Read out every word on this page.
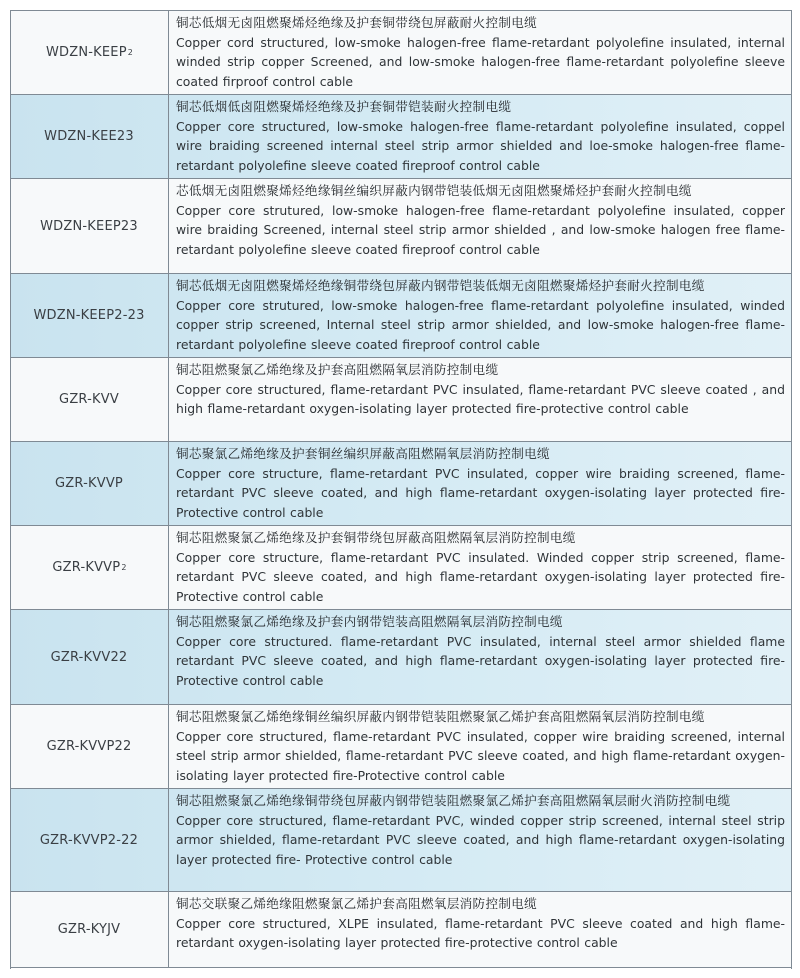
WDZN-KEEP 2
铜芯低烟无卤阻燃聚烯烃绝缘及护套铜带绕包屏蔽耐火控制电缆
Copper cord structured, low-smoke halogen-free flame-retardant polyolefine insulated, internal winded strip copper Screened, and low-smoke halogen-free flame-retardant polyolefine sleeve coated firproof control cable
WDZN-KEE23
铜芯低烟低卤阻燃聚烯烃绝缘及护套铜带铠装耐火控制电缆
Copper core structured, low-smoke halogen-free flame-retardant polyolefine insulated, coppel wire braiding screened internal steel strip armor shielded and loe-smoke halogen-free flame-retardant polyolefine sleeve coated fireproof control cable
WDZN-KEEP23
芯低烟无卤阻燃聚烯烃绝缘铜丝编织屏蔽内钢带铠装低烟无卤阻燃聚烯烃护套耐火控制电缆
Copper core strutured, low-smoke halogen-free flame-retardant polyolefine insulated, copper wire braiding Screened, internal steel strip armor shielded , and low-smoke halogen free flame-retardant polyolefine sleeve coated fireproof control cable
WDZN-KEEP2-23
铜芯低烟无卤阻燃聚烯烃绝缘铜带绕包屏蔽内钢带铠装低烟无卤阻燃聚烯烃护套耐火控制电缆
Copper core strutured, low-smoke halogen-free flame-retardant polyolefine insulated, winded copper strip screened, Internal steel strip armor shielded, and low-smoke halogen-free flame-retardant polyolefine sleeve coated fireproof control cable
GZR-KVV
铜芯阻燃聚氯乙烯绝缘及护套高阻燃隔氧层消防控制电缆
Copper core structured, flame-retardant PVC insulated, flame-retardant PVC sleeve coated , and high flame-retardant oxygen-isolating layer protected fire-protective control cable
GZR-KVVP
铜芯聚氯乙烯绝缘及护套铜丝编织屏蔽高阻燃隔氧层消防控制电缆
Copper core structure, flame-retardant PVC insulated, copper wire braiding screened, flame-retardant PVC sleeve coated, and high flame-retardant oxygen-isolating layer protected fire-Protective control cable
GZR-KVVP 2
铜芯阻燃聚氯乙烯绝缘及护套铜带绕包屏蔽高阻燃隔氧层消防控制电缆
Copper core structure, flame-retardant PVC insulated. Winded copper strip screened, flame-retardant PVC sleeve coated, and high flame-retardant oxygen-isolating layer protected fire-Protective control cable
GZR-KVV22
铜芯阻燃聚氯乙烯绝缘及护套内钢带铠装高阻燃隔氧层消防控制电缆
Copper core structured. flame-retardant PVC insulated, internal steel armor shielded flame retardant PVC sleeve coated, and high flame-retardant oxygen-isolating layer protected fire-Protective control cable
GZR-KVVP22
铜芯阻燃聚氯乙烯绝缘铜丝编织屏蔽内钢带铠装阻燃聚氯乙烯护套高阻燃隔氧层消防控制电缆
Copper core structured, flame-retardant PVC insulated, copper wire braiding screened, internal steel strip armor shielded, flame-retardant PVC sleeve coated, and high flame-retardant oxygen-isolating layer protected fire-Protective control cable
GZR-KVVP2-22
铜芯阻燃聚氯乙烯绝缘铜带绕包屏蔽内钢带铠装阻燃聚氯乙烯护套高阻燃隔氧层耐火消防控制电缆
Copper core structured, flame-retardant PVC, winded copper strip screened, internal steel strip armor shielded, flame-retardant PVC sleeve coated, and high flame-retardant oxygen-isolating layer protected fire- Protective control cable
GZR-KYJV
铜芯交联聚乙烯绝缘阻燃聚氯乙烯护套高阻燃氧层消防控制电缆
Copper core structured, XLPE insulated, flame-retardant PVC sleeve coated and high flame-retardant oxygen-isolating layer protected fire-protective control cable
